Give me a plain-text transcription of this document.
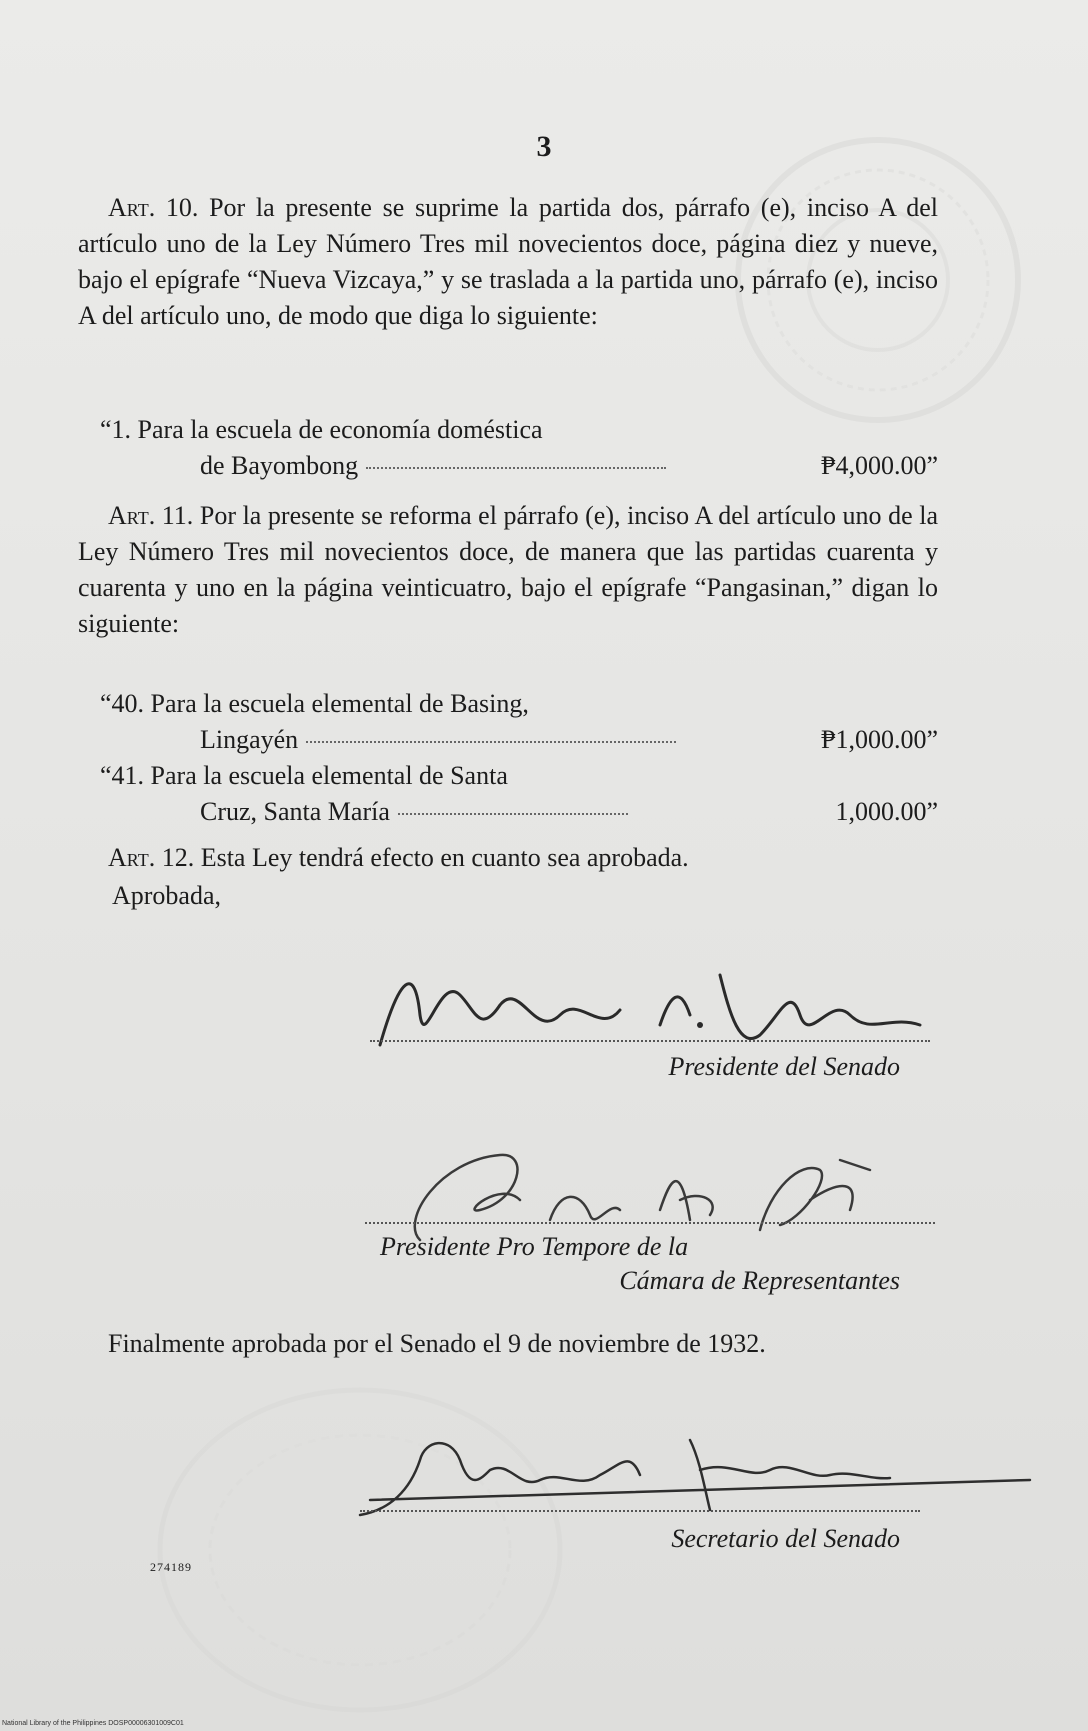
3

Art. 10. Por la presente se suprime la partida dos, párrafo (e), inciso A del artículo uno de la Ley Número Tres mil novecientos doce, página diez y nueve, bajo el epígrafe “Nueva Vizcaya,” y se traslada a la partida uno, párrafo (e), inciso A del artículo uno, de modo que diga lo siguiente:

“1. Para la escuela de economía doméstica
de Bayombong	₱4,000.00”

Art. 11. Por la presente se reforma el párrafo (e), inciso A del artículo uno de la Ley Número Tres mil novecientos doce, de manera que las partidas cuarenta y cuarenta y uno en la página veinticuatro, bajo el epígrafe “Pangasinan,” digan lo siguiente:

“40. Para la escuela elemental de Basing,
Lingayén	₱1,000.00”
“41. Para la escuela elemental de Santa
Cruz, Santa María	1,000.00”

Art. 12. Esta Ley tendrá efecto en cuanto sea aprobada.

Aprobada,
Presidente del Senado
Presidente Pro Tempore de la
Cámara de Representantes

Finalmente aprobada por el Senado el 9 de noviembre de 1932.

Secretario del Senado
274189
National Library of the Philippines DOSP00006301009C01
